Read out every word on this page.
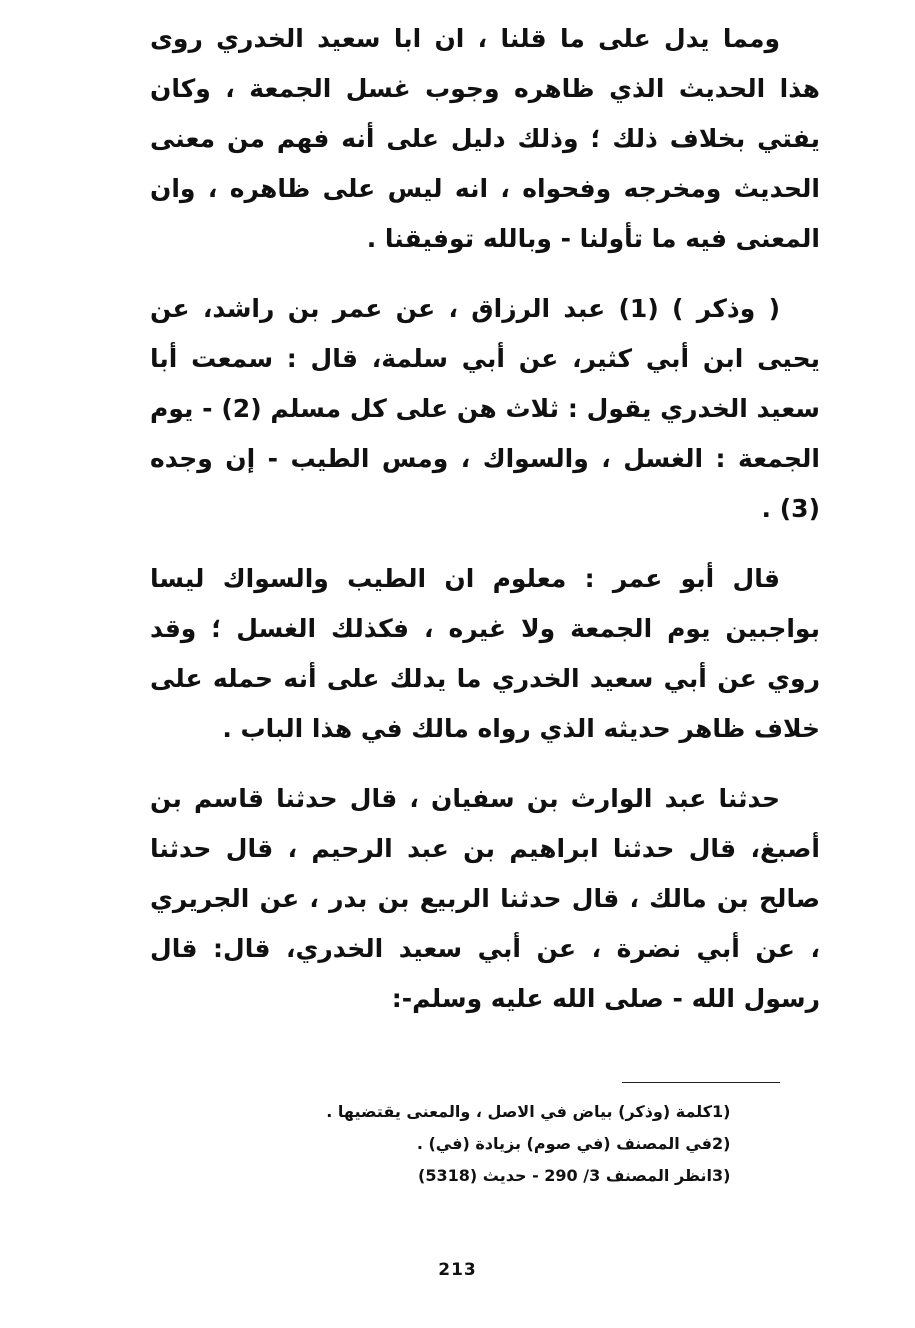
ومما يدل على ما قلنا ، ان ابا سعيد الخدري روى هذا الحديث الذي ظاهره وجوب غسل الجمعة ، وكان يفتي بخلاف ذلك ؛ وذلك دليل على أنه فهم من معنى الحديث ومخرجه وفحواه ، انه ليس على ظاهره ، وان المعنى فيه ما تأولنا - وبالله توفيقنا .

( وذكر ) (1) عبد الرزاق ، عن عمر بن راشد، عن يحيى ابن أبي كثير، عن أبي سلمة، قال : سمعت أبا سعيد الخدري يقول : ثلاث هن على كل مسلم (2) - يوم الجمعة : الغسل ، والسواك ، ومس الطيب - إن وجده (3) .

قال أبو عمر : معلوم ان الطيب والسواك ليسا بواجبين يوم الجمعة ولا غيره ، فكذلك الغسل ؛ وقد روي عن أبي سعيد الخدري ما يدلك على أنه حمله على خلاف ظاهر حديثه الذي رواه مالك في هذا الباب .

حدثنا عبد الوارث بن سفيان ، قال حدثنا قاسم بن أصبغ، قال حدثنا ابراهيم بن عبد الرحيم ، قال حدثنا صالح بن مالك ، قال حدثنا الربيع بن بدر ، عن الجريري ، عن أبي نضرة ، عن أبي سعيد الخدري، قال: قال رسول الله - صلى الله عليه وسلم-:

1)
كلمة (وذكر) بياض في الاصل ، والمعنى يقتضيها .
2)
في المصنف (في صوم) بزيادة (في) .
3)
انظر المصنف 3/ 290 - حديث (5318)
213
